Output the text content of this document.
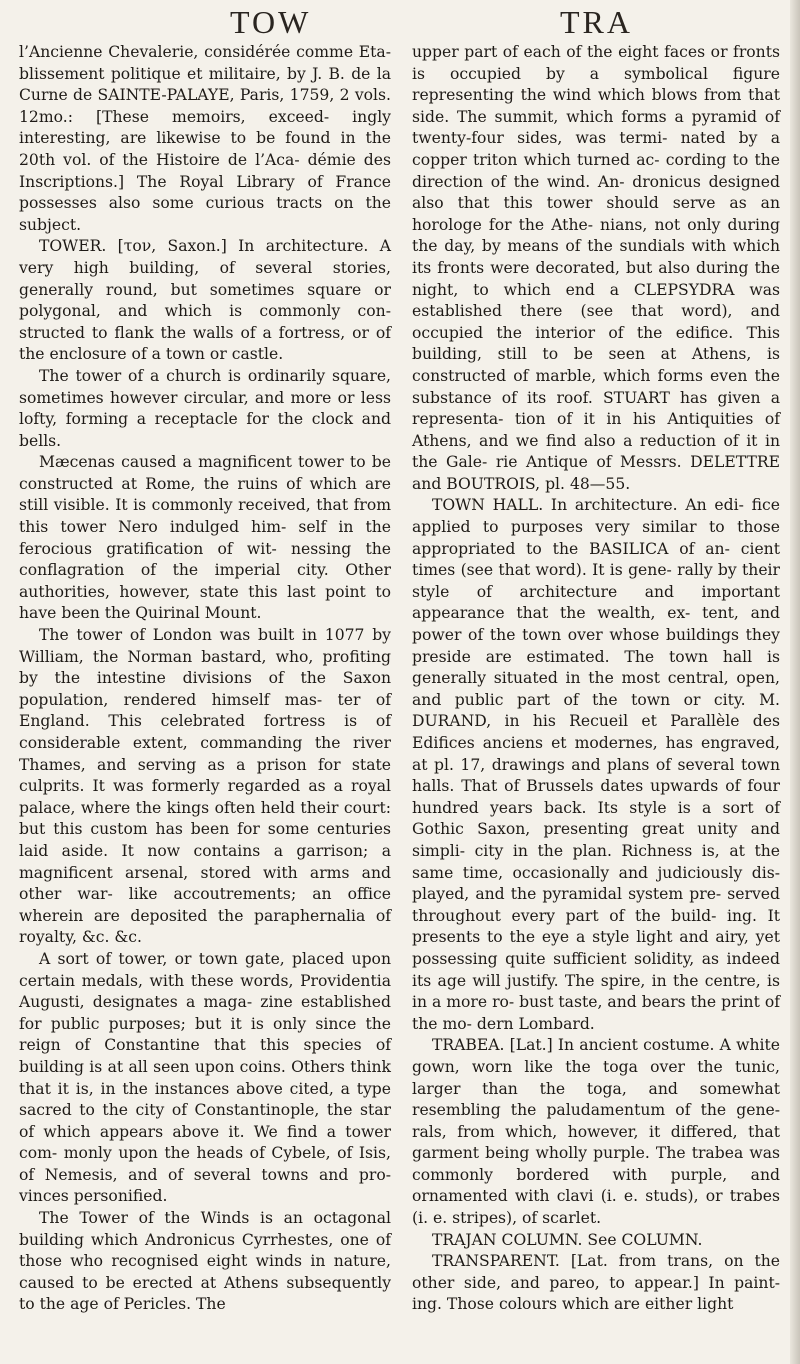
TOW	TRA

l’Ancienne Chevalerie, considérée comme Eta- blissement politique et militaire, by J. B. de la Curne de SAINTE-PALAYE, Paris, 1759, 2 vols. 12mo.: [These memoirs, exceed- ingly interesting, are likewise to be found in the 20th vol. of the Histoire de l’Aca- démie des Inscriptions.] The Royal Library of France possesses also some curious tracts on the subject.

TOWER. [τον, Saxon.] In architecture. A very high building, of several stories, generally round, but sometimes square or polygonal, and which is commonly con- structed to flank the walls of a fortress, or of the enclosure of a town or castle.

The tower of a church is ordinarily square, sometimes however circular, and more or less lofty, forming a receptacle for the clock and bells.

Mæcenas caused a magnificent tower to be constructed at Rome, the ruins of which are still visible. It is commonly received, that from this tower Nero indulged him- self in the ferocious gratification of wit- nessing the conflagration of the imperial city. Other authorities, however, state this last point to have been the Quirinal Mount.

The tower of London was built in 1077 by William, the Norman bastard, who, profiting by the intestine divisions of the Saxon population, rendered himself mas- ter of England. This celebrated fortress is of considerable extent, commanding the river Thames, and serving as a prison for state culprits. It was formerly regarded as a royal palace, where the kings often held their court: but this custom has been for some centuries laid aside. It now contains a garrison; a magnificent arsenal, stored with arms and other war- like accoutrements; an office wherein are deposited the paraphernalia of royalty, &c. &c.

A sort of tower, or town gate, placed upon certain medals, with these words, Providentia Augusti, designates a maga- zine established for public purposes; but it is only since the reign of Constantine that this species of building is at all seen upon coins. Others think that it is, in the instances above cited, a type sacred to the city of Constantinople, the star of which appears above it. We find a tower com- monly upon the heads of Cybele, of Isis, of Nemesis, and of several towns and pro- vinces personified.

The Tower of the Winds is an octagonal building which Andronicus Cyrrhestes, one of those who recognised eight winds in nature, caused to be erected at Athens subsequently to the age of Pericles. The

upper part of each of the eight faces or fronts is occupied by a symbolical figure representing the wind which blows from that side. The summit, which forms a pyramid of twenty-four sides, was termi- nated by a copper triton which turned ac- cording to the direction of the wind. An- dronicus designed also that this tower should serve as an horologe for the Athe- nians, not only during the day, by means of the sundials with which its fronts were decorated, but also during the night, to which end a CLEPSYDRA was established there (see that word), and occupied the interior of the edifice. This building, still to be seen at Athens, is constructed of marble, which forms even the substance of its roof. STUART has given a representa- tion of it in his Antiquities of Athens, and we find also a reduction of it in the Gale- rie Antique of Messrs. DELETTRE and BOUTROIS, pl. 48—55.

TOWN HALL. In architecture. An edi- fice applied to purposes very similar to those appropriated to the BASILICA of an- cient times (see that word). It is gene- rally by their style of architecture and important appearance that the wealth, ex- tent, and power of the town over whose buildings they preside are estimated. The town hall is generally situated in the most central, open, and public part of the town or city. M. DURAND, in his Recueil et Parallèle des Edifices anciens et modernes, has engraved, at pl. 17, drawings and plans of several town halls. That of Brussels dates upwards of four hundred years back. Its style is a sort of Gothic Saxon, presenting great unity and simpli- city in the plan. Richness is, at the same time, occasionally and judiciously dis- played, and the pyramidal system pre- served throughout every part of the build- ing. It presents to the eye a style light and airy, yet possessing quite sufficient solidity, as indeed its age will justify. The spire, in the centre, is in a more ro- bust taste, and bears the print of the mo- dern Lombard.

TRABEA. [Lat.] In ancient costume. A white gown, worn like the toga over the tunic, larger than the toga, and somewhat resembling the paludamentum of the gene- rals, from which, however, it differed, that garment being wholly purple. The trabea was commonly bordered with purple, and ornamented with clavi (i. e. studs), or trabes (i. e. stripes), of scarlet.

TRAJAN COLUMN. See COLUMN.

TRANSPARENT. [Lat. from trans, on the other side, and pareo, to appear.] In paint- ing. Those colours which are either light
